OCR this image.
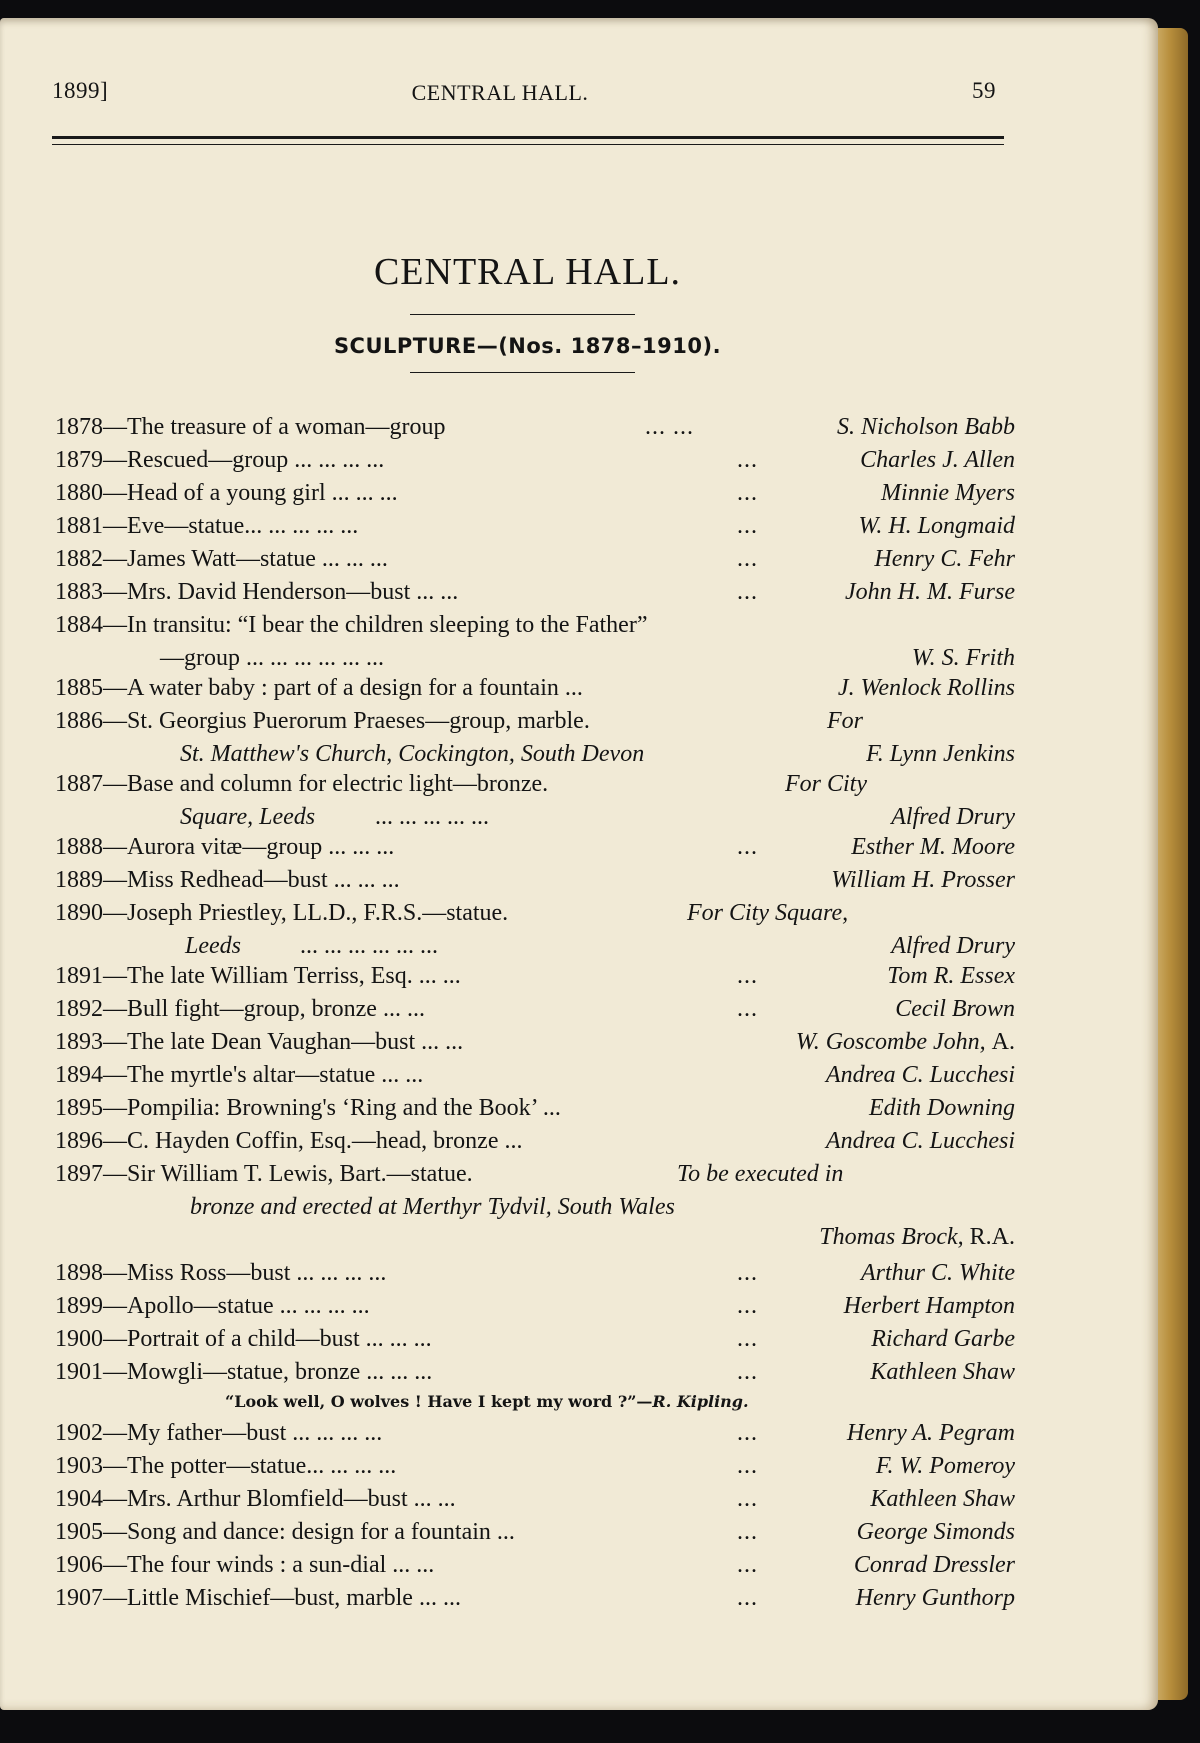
1899]	CENTRAL HALL.	59
CENTRAL HALL.
SCULPTURE—(Nos. 1878–1910).
1878—The treasure of a woman—group	... ...	S. Nicholson Babb
1879—Rescued—group ... ... ... ...	...	Charles J. Allen
1880—Head of a young girl ... ... ...	...	Minnie Myers
1881—Eve—statue... ... ... ... ...	...	W. H. Longmaid
1882—James Watt—statue ... ... ...	...	Henry C. Fehr
1883—Mrs. David Henderson—bust ... ...	...	John H. M. Furse
1884—In transitu: “I bear the children sleeping to the Father”
—group ... ... ... ... ... ...	W. S. Frith
1885—A water baby : part of a design for a fountain ...	J. Wenlock Rollins
1886—St. Georgius Puerorum Praeses—group, marble.	For
St. Matthew's Church, Cockington, South Devon	F. Lynn Jenkins
1887—Base and column for electric light—bronze.	For City
Square, Leeds ... ... ... ... ...	Alfred Drury
1888—Aurora vitæ—group ... ... ...	...	Esther M. Moore
1889—Miss Redhead—bust ... ... ...	William H. Prosser
1890—Joseph Priestley, LL.D., F.R.S.—statue.	For City Square,
Leeds ... ... ... ... ... ...	Alfred Drury
1891—The late William Terriss, Esq. ... ...	...	Tom R. Essex
1892—Bull fight—group, bronze ... ...	...	Cecil Brown
1893—The late Dean Vaughan—bust ... ...	W. Goscombe John, A.
1894—The myrtle's altar—statue ... ...	Andrea C. Lucchesi
1895—Pompilia: Browning's ‘Ring and the Book’ ...	Edith Downing
1896—C. Hayden Coffin, Esq.—head, bronze ...	Andrea C. Lucchesi
1897—Sir William T. Lewis, Bart.—statue.	To be executed in
bronze and erected at Merthyr Tydvil, South Wales
Thomas Brock, R.A.
1898—Miss Ross—bust ... ... ... ...	...	Arthur C. White
1899—Apollo—statue ... ... ... ...	...	Herbert Hampton
1900—Portrait of a child—bust ... ... ...	...	Richard Garbe
1901—Mowgli—statue, bronze ... ... ...	...	Kathleen Shaw
“Look well, O wolves ! Have I kept my word ?”—R. Kipling.
1902—My father—bust ... ... ... ...	...	Henry A. Pegram
1903—The potter—statue... ... ... ...	...	F. W. Pomeroy
1904—Mrs. Arthur Blomfield—bust ... ...	...	Kathleen Shaw
1905—Song and dance: design for a fountain ...	...	George Simonds
1906—The four winds : a sun-dial ... ...	...	Conrad Dressler
1907—Little Mischief—bust, marble ... ...	...	Henry Gunthorp
